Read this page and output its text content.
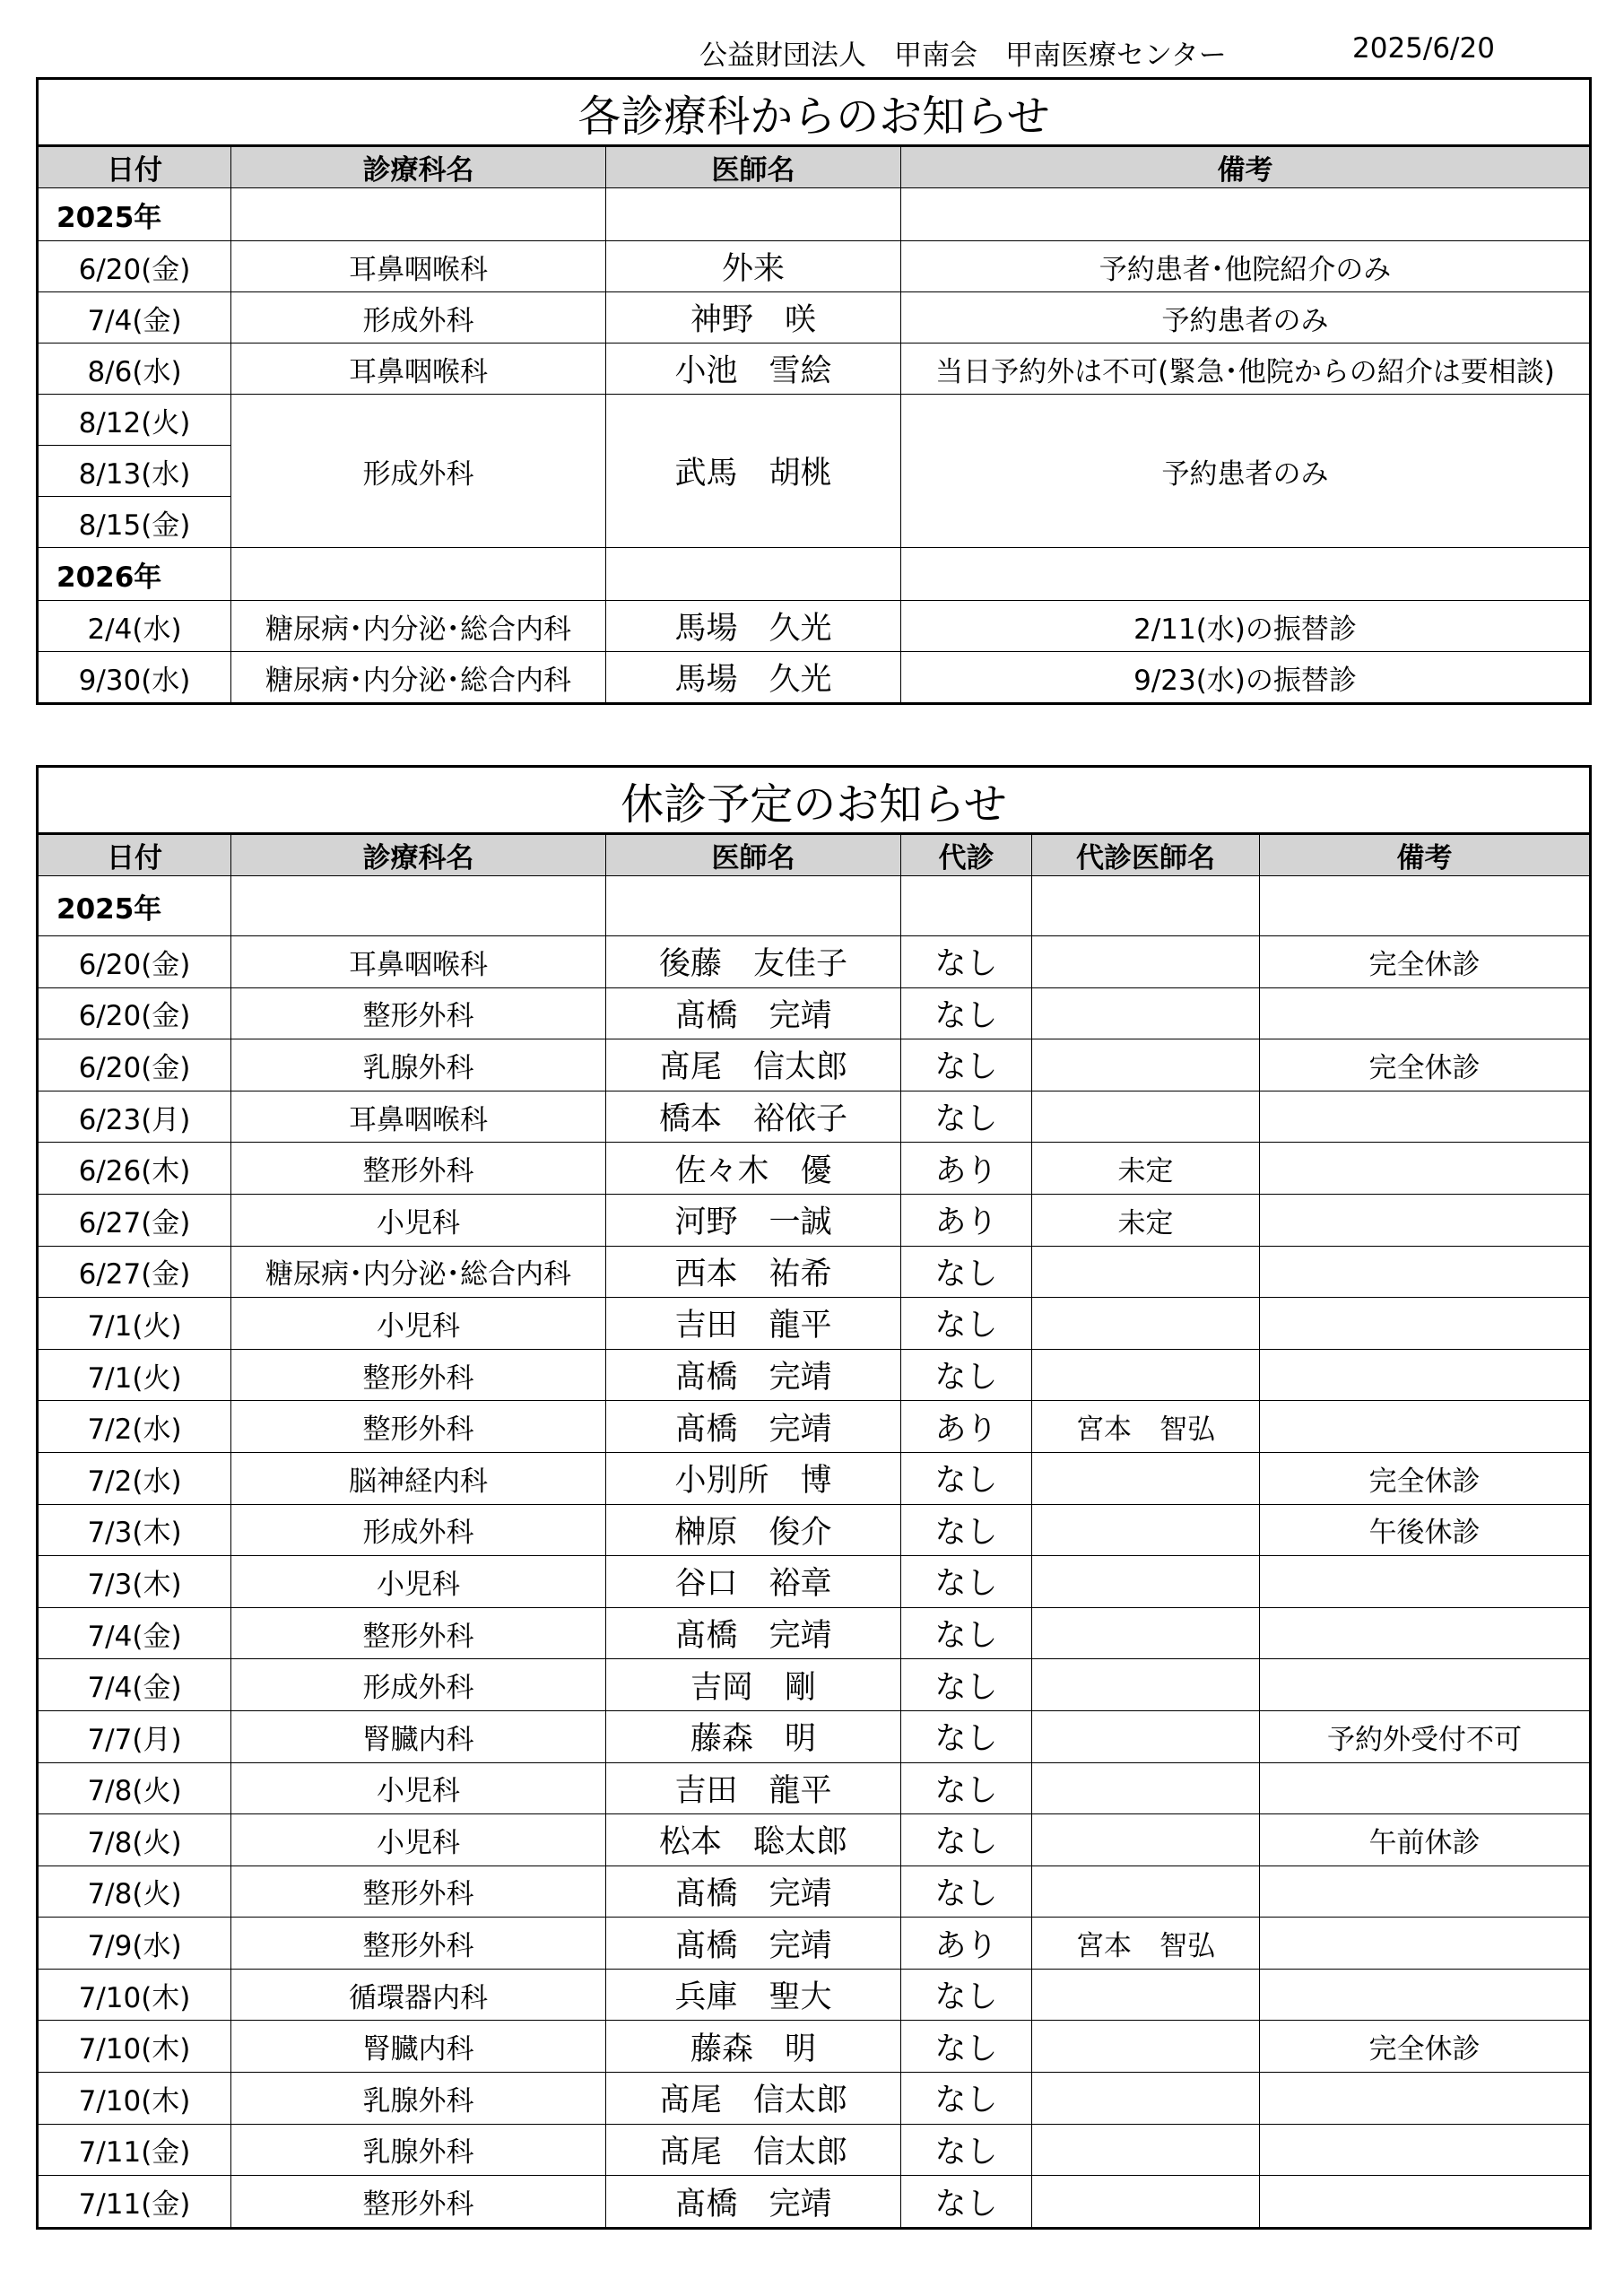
公益財団法人　甲南会　甲南医療センター	2025/6/20
各診療科からのお知らせ			
日付	診療科名	医師名	備考
2025年			
6/20(金)	耳鼻咽喉科	外来	予約患者･他院紹介のみ
7/4(金)	形成外科	神野　咲	予約患者のみ
8/6(水)	耳鼻咽喉科	小池　雪絵	当日予約外は不可(緊急･他院からの紹介は要相談)
8/12(火)	形成外科	武馬　胡桃	予約患者のみ
8/13(水)			
8/15(金)			
2026年			
2/4(水)	糖尿病･内分泌･総合内科	馬場　久光	2/11(水)の振替診
9/30(水)	糖尿病･内分泌･総合内科	馬場　久光	9/23(水)の振替診
休診予定のお知らせ					
日付	診療科名	医師名	代診	代診医師名	備考
2025年					
6/20(金)	耳鼻咽喉科	後藤　友佳子	なし		完全休診
6/20(金)	整形外科	髙橋　完靖	なし		
6/20(金)	乳腺外科	髙尾　信太郎	なし		完全休診
6/23(月)	耳鼻咽喉科	橋本　裕依子	なし		
6/26(木)	整形外科	佐々木　優	あり	未定	
6/27(金)	小児科	河野　一誠	あり	未定	
6/27(金)	糖尿病･内分泌･総合内科	西本　祐希	なし		
7/1(火)	小児科	吉田　龍平	なし		
7/1(火)	整形外科	髙橋　完靖	なし		
7/2(水)	整形外科	髙橋　完靖	あり	宮本　智弘	
7/2(水)	脳神経内科	小別所　博	なし		完全休診
7/3(木)	形成外科	榊原　俊介	なし		午後休診
7/3(木)	小児科	谷口　裕章	なし		
7/4(金)	整形外科	髙橋　完靖	なし		
7/4(金)	形成外科	吉岡　剛	なし		
7/7(月)	腎臓内科	藤森　明	なし		予約外受付不可
7/8(火)	小児科	吉田　龍平	なし		
7/8(火)	小児科	松本　聡太郎	なし		午前休診
7/8(火)	整形外科	髙橋　完靖	なし		
7/9(水)	整形外科	髙橋　完靖	あり	宮本　智弘	
7/10(木)	循環器内科	兵庫　聖大	なし		
7/10(木)	腎臓内科	藤森　明	なし		完全休診
7/10(木)	乳腺外科	髙尾　信太郎	なし		
7/11(金)	乳腺外科	髙尾　信太郎	なし		
7/11(金)	整形外科	髙橋　完靖	なし		
